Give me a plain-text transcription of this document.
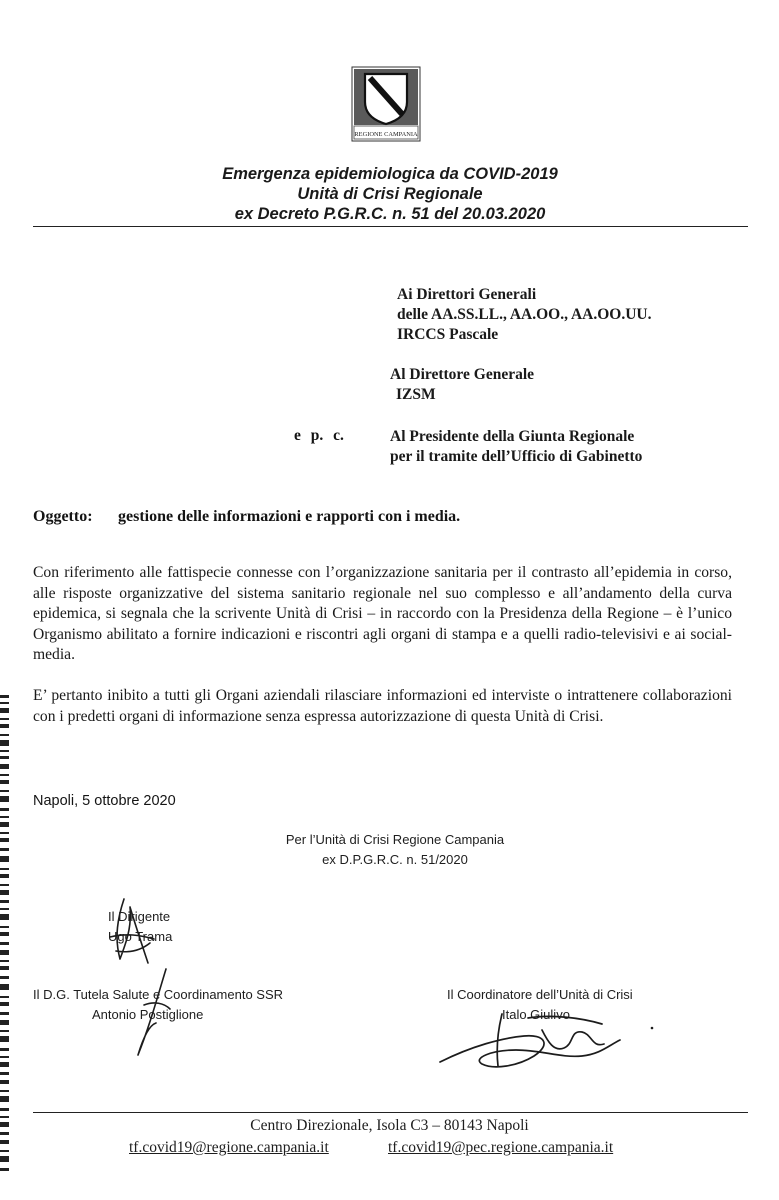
REGIONE CAMPANIA
Emergenza epidemiologica da COVID-2019
Unità di Crisi Regionale
ex Decreto P.G.R.C. n. 51 del 20.03.2020
Ai Direttori Generali
delle AA.SS.LL., AA.OO., AA.OO.UU.
IRCCS Pascale
Al Direttore Generale
IZSM
e p. c.	Al Presidente della Giunta Regionale
per il tramite dell’Ufficio di Gabinetto
Oggetto: gestione delle informazioni e rapporti con i media.
Con riferimento alle fattispecie connesse con l’organizzazione sanitaria per il contrasto all’epidemia in corso, alle risposte organizzative del sistema sanitario regionale nel suo complesso e all’andamento della curva epidemica, si segnala che la scrivente Unità di Crisi – in raccordo con la Presidenza della Regione – è l’unico Organismo abilitato a fornire indicazioni e riscontri agli organi di stampa e a quelli radio-televisivi e ai social-media.
E’ pertanto inibito a tutti gli Organi aziendali rilasciare informazioni ed interviste o intrattenere collaborazioni con i predetti organi di informazione senza espressa autorizzazione di questa Unità di Crisi.
Napoli, 5 ottobre 2020
Per l’Unità di Crisi Regione Campania
ex D.P.G.R.C. n. 51/2020
Il Dirigente
Ugo Trama
Il D.G. Tutela Salute e Coordinamento SSR
Antonio Postiglione
Il Coordinatore dell’Unità di Crisi
Italo Giulivo
Centro Direzionale, Isola C3 – 80143 Napoli
tf.covid19@regione.campania.it	tf.covid19@pec.regione.campania.it
